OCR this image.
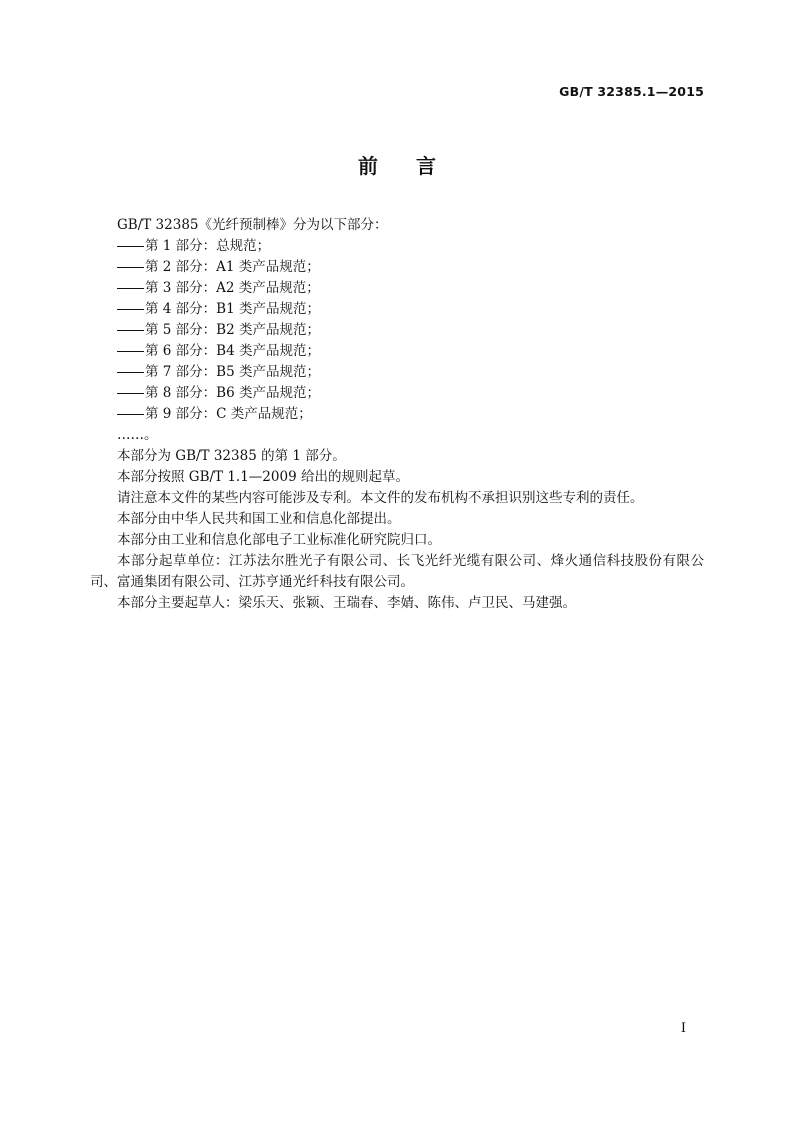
GB/T 32385.1—2015
前言

GB/T 32385《光纤预制棒》分为以下部分：

第 1 部分：总规范；

第 2 部分：A1 类产品规范；

第 3 部分：A2 类产品规范；

第 4 部分：B1 类产品规范；

第 5 部分：B2 类产品规范；

第 6 部分：B4 类产品规范；

第 7 部分：B5 类产品规范；

第 8 部分：B6 类产品规范；

第 9 部分：C 类产品规范；

……。

本部分为 GB/T 32385 的第 1 部分。

本部分按照 GB/T 1.1—2009 给出的规则起草。

请注意本文件的某些内容可能涉及专利。本文件的发布机构不承担识别这些专利的责任。

本部分由中华人民共和国工业和信息化部提出。

本部分由工业和信息化部电子工业标准化研究院归口。

本部分起草单位：江苏法尔胜光子有限公司、长飞光纤光缆有限公司、烽火通信科技股份有限公司、富通集团有限公司、江苏亨通光纤科技有限公司。

本部分主要起草人：梁乐天、张颖、王瑞春、李婧、陈伟、卢卫民、马建强。

I
